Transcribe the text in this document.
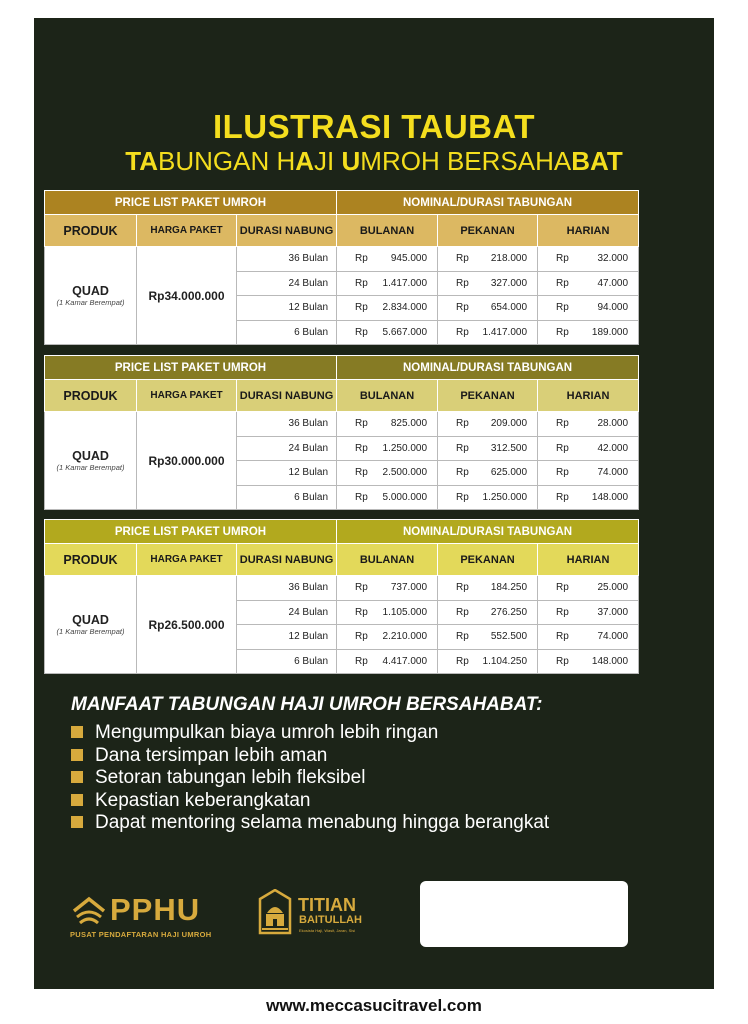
ILUSTRASI TAUBAT
TABUNGAN HAJI UMROH BERSAHABAT
PRICE LIST PAKET UMROH			NOMINAL/DURASI TABUNGAN		
PRODUK	HARGA PAKET	DURASI NABUNG	BULANAN	PEKANAN	HARIAN

QUAD
(1 Kamar Berempat)	Rp34.000.000	36 Bulan	Rp 945.000	Rp 218.000	Rp 32.000

		24 Bulan	Rp 1.417.000	Rp 327.000	Rp 47.000

		12 Bulan	Rp 2.834.000	Rp 654.000	Rp 94.000

		6 Bulan	Rp 5.667.000	Rp 1.417.000	Rp 189.000
PRICE LIST PAKET UMROH			NOMINAL/DURASI TABUNGAN		
PRODUK	HARGA PAKET	DURASI NABUNG	BULANAN	PEKANAN	HARIAN

QUAD
(1 Kamar Berempat)	Rp30.000.000	36 Bulan	Rp 825.000	Rp 209.000	Rp 28.000

		24 Bulan	Rp 1.250.000	Rp 312.500	Rp 42.000

		12 Bulan	Rp 2.500.000	Rp 625.000	Rp 74.000

		6 Bulan	Rp 5.000.000	Rp 1.250.000	Rp 148.000
PRICE LIST PAKET UMROH			NOMINAL/DURASI TABUNGAN		
PRODUK	HARGA PAKET	DURASI NABUNG	BULANAN	PEKANAN	HARIAN

QUAD
(1 Kamar Berempat)	Rp26.500.000	36 Bulan	Rp 737.000	Rp 184.250	Rp 25.000

		24 Bulan	Rp 1.105.000	Rp 276.250	Rp 37.000

		12 Bulan	Rp 2.210.000	Rp 552.500	Rp 74.000

		6 Bulan	Rp 4.417.000	Rp 1.104.250	Rp 148.000
MANFAAT TABUNGAN HAJI UMROH BERSAHABAT:
Mengumpulkan biaya umroh lebih ringan
Dana tersimpan lebih aman
Setoran tabungan lebih fleksibel
Kepastian keberangkatan
Dapat mentoring selama menabung hingga berangkat
PPHU
PUSAT PENDAFTARAN HAJI UMROH
TITIAN
BAITULLAH
Ekosista Haji, Wasit, Jaran, Sisi
www.meccasucitravel.com
